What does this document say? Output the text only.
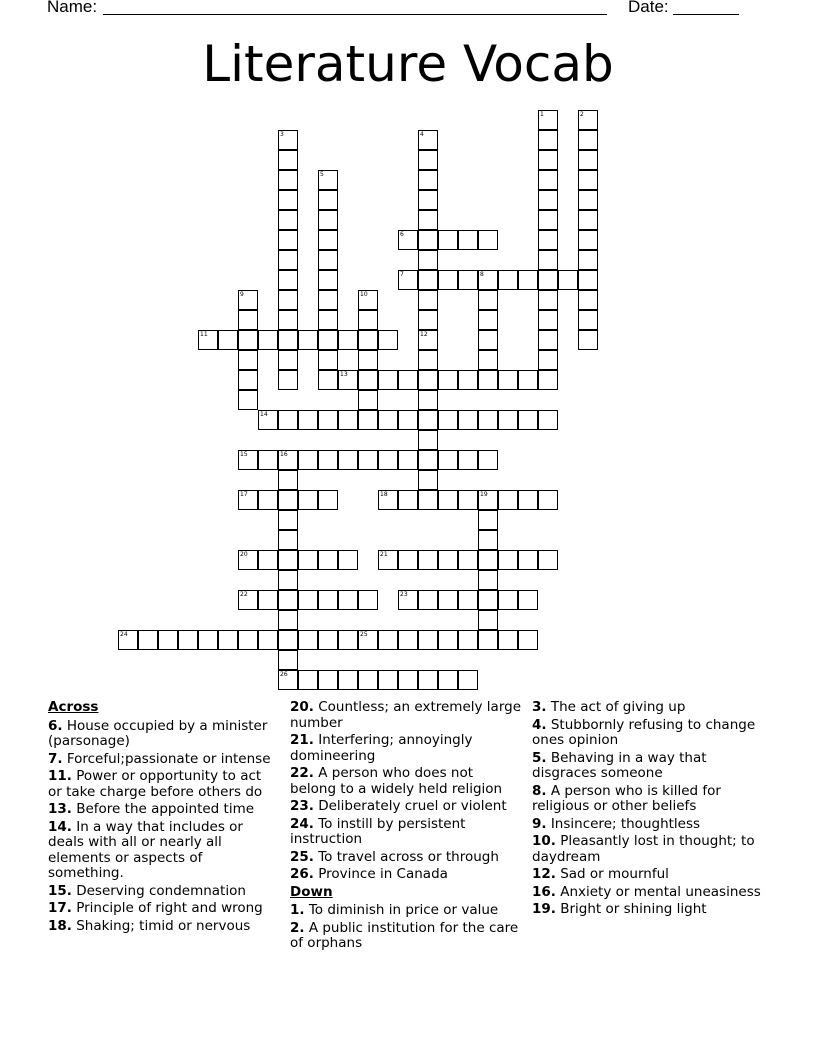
Name:	Date:
Literature Vocab
6
7	8
11
13
14
15	16
17	18	19
20	21
22	23
24	25
26
1	2
3	4
12
5
9	10
Across
6. House occupied by a minister (parsonage)
7. Forceful;passionate or intense
11. Power or opportunity to act or take charge before others do
13. Before the appointed time
14. In a way that includes or deals with all or nearly all elements or aspects of something.
15. Deserving condemnation
17. Principle of right and wrong
18. Shaking; timid or nervous
20. Countless; an extremely large number
21. Interfering; annoyingly domineering
22. A person who does not belong to a widely held religion
23. Deliberately cruel or violent
24. To instill by persistent instruction
25. To travel across or through
26. Province in Canada
Down
1. To diminish in price or value
2. A public institution for the care of orphans
3. The act of giving up
4. Stubbornly refusing to change ones opinion
5. Behaving in a way that disgraces someone
8. A person who is killed for religious or other beliefs
9. Insincere; thoughtless
10. Pleasantly lost in thought; to daydream
12. Sad or mournful
16. Anxiety or mental uneasiness
19. Bright or shining light
